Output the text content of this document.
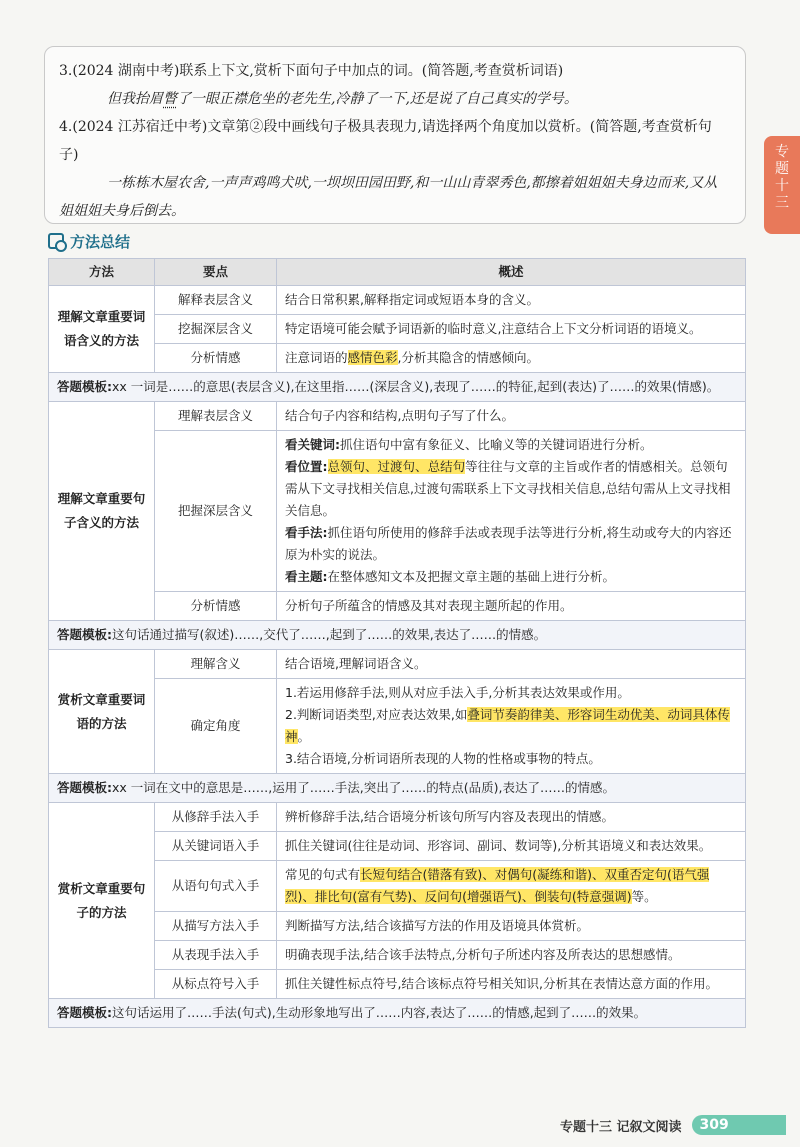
3.(2024 湖南中考)联系上下文,赏析下面句子中加点的词。(简答题,考查赏析词语)
但我抬眉瞥了一眼正襟危坐的老先生,冷静了一下,还是说了自己真实的学号。
4.(2024 江苏宿迁中考)文章第②段中画线句子极具表现力,请选择两个角度加以赏析。(简答题,考查赏析句子)
一栋栋木屋农舍,一声声鸡鸣犬吠,一坝坝田园田野,和一山山青翠秀色,都擦着姐姐姐夫身边而来,又从姐姐姐夫身后倒去。
专
题
十
三
方法总结
方法	要点	概述
理解文章重要词语含义的方法	解释表层含义	结合日常积累,解释指定词或短语本身的含义。
	挖掘深层含义	特定语境可能会赋予词语新的临时意义,注意结合上下文分析词语的语境义。
	分析情感	注意词语的感情色彩,分析其隐含的情感倾向。
答题模板:xx 一词是……的意思(表层含义),在这里指……(深层含义),表现了……的特征,起到(表达)了……的效果(情感)。		
理解文章重要句子含义的方法	理解表层含义	结合句子内容和结构,点明句子写了什么。
	把握深层含义	看关键词:抓住语句中富有象征义、比喻义等的关键词语进行分析。
看位置:总领句、过渡句、总结句等往往与文章的主旨或作者的情感相关。总领句需从下文寻找相关信息,过渡句需联系上下文寻找相关信息,总结句需从上文寻找相关信息。
看手法:抓住语句所使用的修辞手法或表现手法等进行分析,将生动或夸大的内容还原为朴实的说法。
看主题:在整体感知文本及把握文章主题的基础上进行分析。

	分析情感	分析句子所蕴含的情感及其对表现主题所起的作用。
答题模板:这句话通过描写(叙述)……,交代了……,起到了……的效果,表达了……的情感。		
赏析文章重要词语的方法	理解含义	结合语境,理解词语含义。
	确定角度	1.若运用修辞手法,则从对应手法入手,分析其表达效果或作用。
2.判断词语类型,对应表达效果,如叠词节奏韵律美、形容词生动优美、动词具体传神。
3.结合语境,分析词语所表现的人物的性格或事物的特点。

答题模板:xx 一词在文中的意思是……,运用了……手法,突出了……的特点(品质),表达了……的情感。		
赏析文章重要句子的方法	从修辞手法入手	辨析修辞手法,结合语境分析该句所写内容及表现出的情感。
	从关键词语入手	抓住关键词(往往是动词、形容词、副词、数词等),分析其语境义和表达效果。
	从语句句式入手	常见的句式有长短句结合(错落有致)、对偶句(凝练和谐)、双重否定句(语气强烈)、排比句(富有气势)、反问句(增强语气)、倒装句(特意强调)等。
	从描写方法入手	判断描写方法,结合该描写方法的作用及语境具体赏析。
	从表现手法入手	明确表现手法,结合该手法特点,分析句子所述内容及所表达的思想感情。
	从标点符号入手	抓住关键性标点符号,结合该标点符号相关知识,分析其在表情达意方面的作用。
答题模板:这句话运用了……手法(句式),生动形象地写出了……内容,表达了……的情感,起到了……的效果。		
专题十三 记叙文阅读	309
